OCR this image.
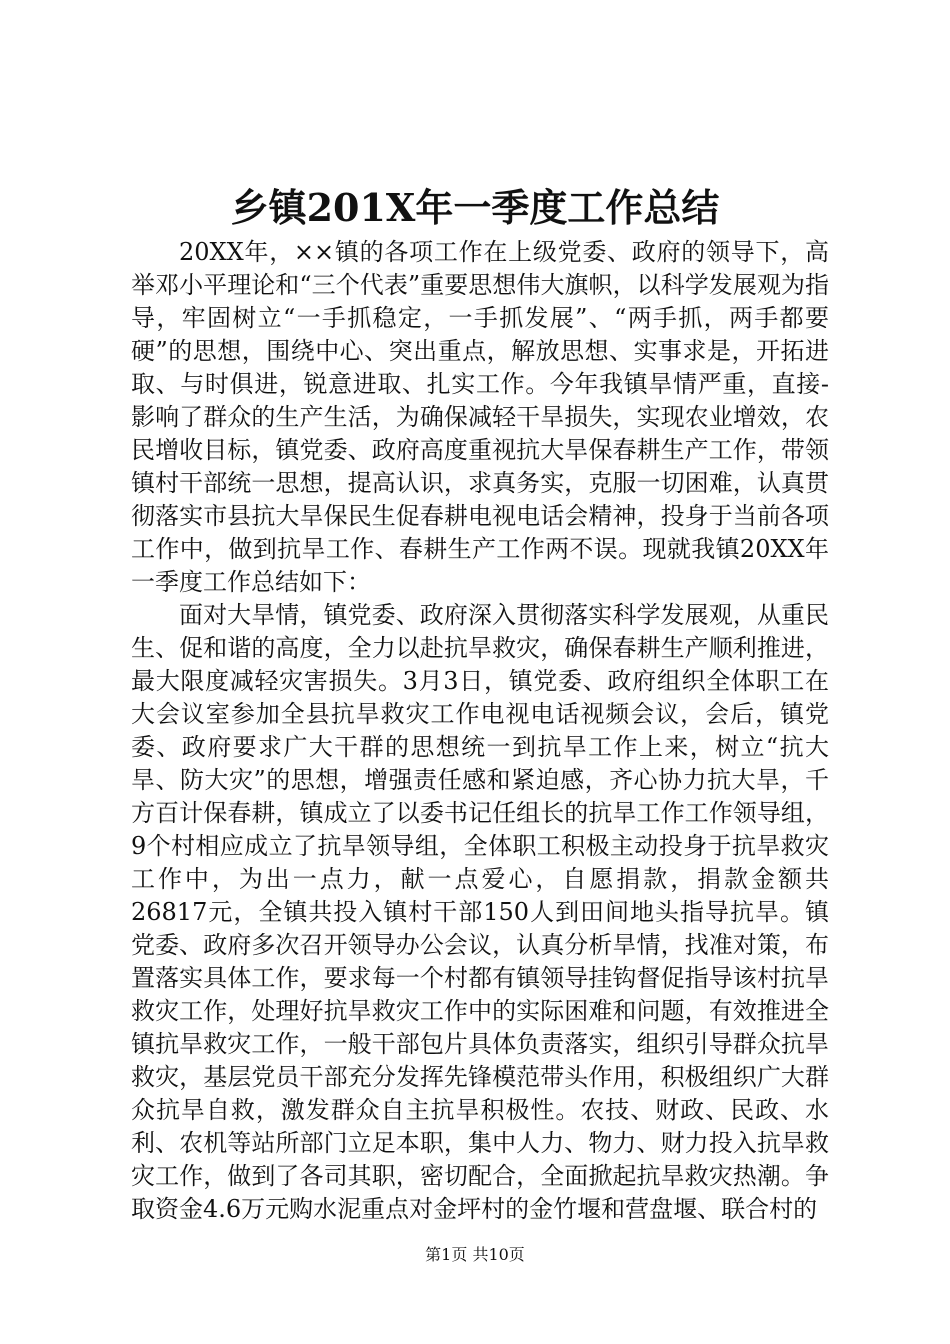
乡镇201X年一季度工作总结

20XX年，××镇的各项工作在上级党委、政府的领导下，高举邓小平理论和“三个代表”重要思想伟大旗帜，以科学发展观为指导，牢固树立“一手抓稳定，一手抓发展”、“两手抓，两手都要硬”的思想，围绕中心、突出重点，解放思想、实事求是，开拓进取、与时俱进，锐意进取、扎实工作。今年我镇旱情严重，直接-影响了群众的生产生活，为确保减轻干旱损失，实现农业增效，农民增收目标，镇党委、政府高度重视抗大旱保春耕生产工作，带领镇村干部统一思想，提高认识，求真务实，克服一切困难，认真贯彻落实市县抗大旱保民生促春耕电视电话会精神，投身于当前各项工作中，做到抗旱工作、春耕生产工作两不误。现就我镇20XX年一季度工作总结如下：

面对大旱情，镇党委、政府深入贯彻落实科学发展观，从重民生、促和谐的高度，全力以赴抗旱救灾，确保春耕生产顺利推进，最大限度减轻灾害损失。3月3日，镇党委、政府组织全体职工在大会议室参加全县抗旱救灾工作电视电话视频会议，会后，镇党委、政府要求广大干群的思想统一到抗旱工作上来，树立“抗大旱、防大灾”的思想，增强责任感和紧迫感，齐心协力抗大旱，千方百计保春耕，镇成立了以委书记任组长的抗旱工作工作领导组，9个村相应成立了抗旱领导组，全体职工积极主动投身于抗旱救灾工作中，为出一点力，献一点爱心，自愿捐款，捐款金额共26817元，全镇共投入镇村干部150人到田间地头指导抗旱。镇党委、政府多次召开领导办公会议，认真分析旱情，找准对策，布置落实具体工作，要求每一个村都有镇领导挂钩督促指导该村抗旱救灾工作，处理好抗旱救灾工作中的实际困难和问题，有效推进全镇抗旱救灾工作，一般干部包片具体负责落实，组织引导群众抗旱救灾，基层党员干部充分发挥先锋模范带头作用，积极组织广大群众抗旱自救，激发群众自主抗旱积极性。农技、财政、民政、水利、农机等站所部门立足本职，集中人力、物力、财力投入抗旱救灾工作，做到了各司其职，密切配合，全面掀起抗旱救灾热潮。争取资金4.6万元购水泥重点对金坪村的金竹堰和营盘堰、联合村的

第1页 共10页
